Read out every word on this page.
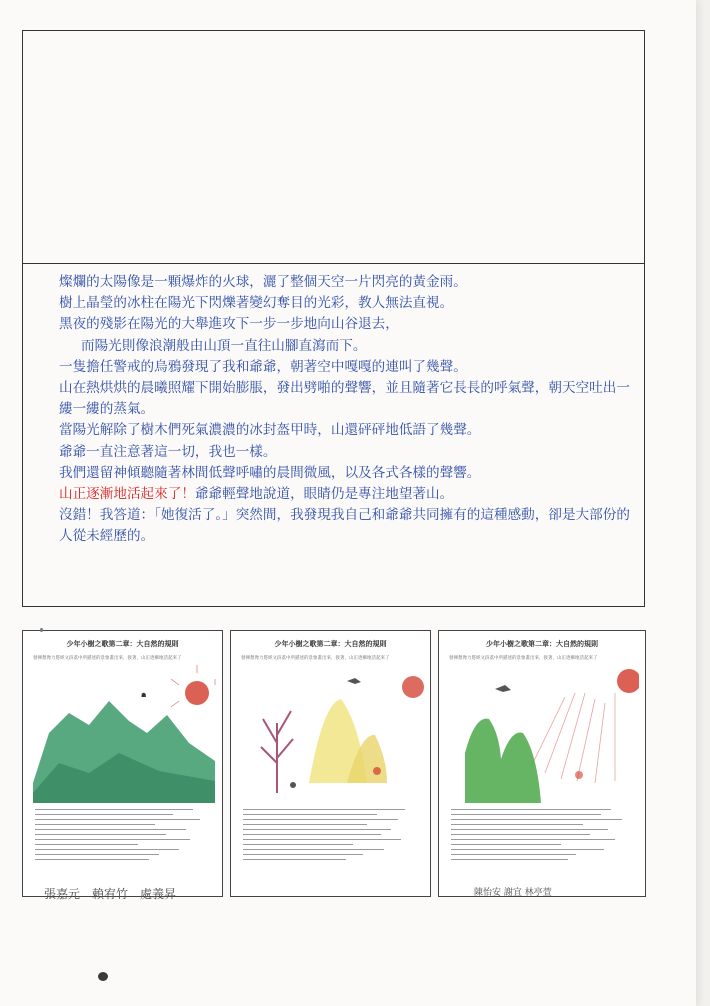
燦爛的太陽像是一顆爆炸的火球，灑了整個天空一片閃亮的黃金雨。
樹上晶瑩的冰柱在陽光下閃爍著變幻奪目的光彩，教人無法直視。
黑夜的殘影在陽光的大舉進攻下一步一步地向山谷退去，
而陽光則像浪潮般由山頂一直往山腳直瀉而下。
一隻擔任警戒的烏鴉發現了我和爺爺，朝著空中嘎嘎的連叫了幾聲。
山在熱烘烘的晨曦照耀下開始膨脹，發出劈啪的聲響，並且隨著它長長的呼氣聲，朝天空吐出一
縷一縷的蒸氣。
當陽光解除了樹木們死氣濃濃的冰封盔甲時，山還砰砰地低語了幾聲。
爺爺一直注意著這一切，我也一樣。
我們還留神傾聽隨著林間低聲呼嘯的晨間微風，以及各式各樣的聲響。
山正逐漸地活起來了！爺爺輕聲地說道，眼睛仍是專注地望著山。
沒錯！我答道：「她復活了。」突然間，我發現我自己和爺爺共同擁有的這種感動，卻是大部份的
人從未經歷的。
少年小樹之歌第二章：大自然的規則
發揮想像力將經文段落中所描述的景象畫出來，接著，山正逐漸地活起來了
☗
少年小樹之歌第二章：大自然的規則
發揮想像力將經文段落中所描述的景象畫出來，接著，山正逐漸地活起來了
少年小樹之歌第二章：大自然的規則
發揮想像力將經文段落中所描述的景象畫出來，接著，山正逐漸地活起來了
張嘉元　賴宥竹　處義昇	陳怡安 謝宜 林亭萱
